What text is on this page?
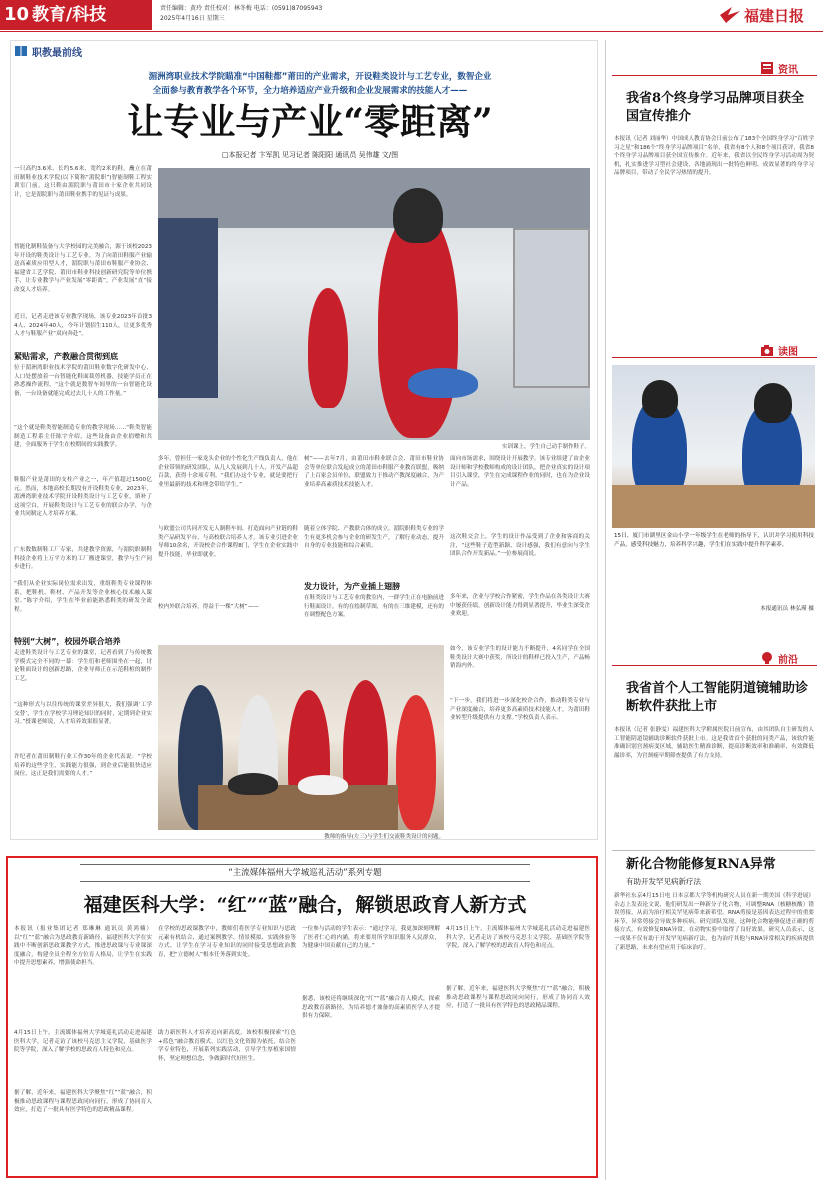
10 教育/科技	责任编辑：黄玲 责任校对：林冬梅 电话：(0591)87095943
2025年4月16日 星期三	福建日报
职教最前线
湄洲湾职业技术学院瞄准“中国鞋都”莆田的产业需求，开设鞋类设计与工艺专业，数智企业
全面参与教育教学各个环节，全力培养适应产业升级和企业发展需求的技能人才——
让专业与产业“零距离”
□本报记者 卞军凯 见习记者 陈阳阳 通讯员 吴伟雄 文/图

一只高约3.6米、长约5.6米、宽约2米的鞋，矗立在莆田制鞋业技术学院(以下简称“湄院职”)智能制鞋工程实训室门前。这只鞋由湄院职与莆田市十家企业共同设计，它是湄院职与莆田鞋业携手的见证与成果。

智能化制鞋装备与大学校园的完美融合，源于该校2023年开设的鞋类设计与工艺专业。为了向莆田鞋服产业输送高素质应用型人才，湄院职与莆田市鞋服产业协会、福建省工艺学院、莆田市鞋业科技创新研究院等单位携手，让专业教学与产业发展“零距离”，产业发展“直”接改变人才培养。

近日，记者走进该专业教学现场，该专业2023年首批34人、2024年40人，今年计划招生110人，让更多优秀人才与鞋服产业“双向奔赴”。

紧贴需求，产教融合贯彻到底

位于湄洲湾职业技术学院的莆田鞋业数字化研发中心，人口处摆放着一台智能化鞋面裁剪机器，技能学员正在熟悉操作流程。“这个就是数智车间里的一台智能化设备，一台设备就能完成过去几十人的工作量。”

“这个就是鞋类智能制造专业的教学现场……”鞋类智能制造工程系主任陈宇介绍，这些设备由企业捐赠和共建，全面服务于学生在校期间的实践教学。

鞋服产业是莆田的支柱产业之一，年产值超过1500亿元。然而，本地高校长期没有开设鞋类专业，2023年，湄洲湾职业技术学院开设鞋类设计与工艺专业，填补了这项空白，开展鞋类设计与工艺专业的联合办学，与企业共同制定人才培养方案。

广东数数制鞋工厂专家，共建教学资源，与湄院职制鞋科技企业将上万平方米的工厂搬进课堂，教学与生产同步进行。

“我们从企业实际岗位需求出发，重组鞋类专业课程体系，把鞋机、鞋材、产品开发等企业核心技术融入课堂。”陈宇介绍，学生在毕业前能熟悉鞋类的研发全流程。

特别“大树”，校园外联合培养

走进鞋类设计与工艺专业的课堂，记者看到了与传统教学模式完全不同的一幕：学生们和老师围坐在一起，讨论鞋面设计的创新思路，企业导师正在示范鞋楦的制作工艺。

“这种形式与以往传统的课堂差异很大，我们强调‘工学交替’，学生在学校学习理论知识的同时，定期到企业实习。”授课老师说，人才培养效果很显著。

许纪者在莆田制鞋行业工作30年的企业代表说：“学校培养的这些学生，实践能力很强，到企业后能很快适应岗位，这正是我们需要的人才。”

实训课上，学生自己动手制作鞋子。

多年，曾担任一家龙头企业的个性化生产线负责人，他在企业带领的研发团队，从几人发展到几十人，开发产品超百款，获得十余项专利。“我们办这个专业，就是要把行业里最新的技术和理念带给学生。”

与欧盟公司共同开发无人制鞋车间，打造面向产业链的鞋类产品研发平台，与高校联合培养人才。该专业引进企业导师10余名，开设校企合作课程8门，学生在企业实践中提升技能，毕业即就业。

校内外联合培养，得益于一棵“大树”——

树”——去年7月，由莆田市鞋业联合会、莆田市鞋业协会等单位联合发起成立的莆田市鞋服产业教育联盟，吸纳了上百家会员单位，联盟致力于推动产教深度融合，为产业培养高素质技术技能人才。

随着立体学院、产教联合体的成立，湄院职鞋类专业的学生有更多机会参与企业的研发生产，了解行业动态，提升自身的专业技能和综合素质。

发力设计，为产业插上翅膀

在鞋类设计与工艺专业的教室内，一群学生正在电脑前进行鞋面设计，有的在绘制草图，有的在三维建模，还有的在调整配色方案。

教师的指导(左三)与学生们交流鞋类设计的问题。

面向市场需求，围绕设计开展教学。该专业组建了由企业设计师和学校教师构成的设计团队，把企业真实的设计项目引入课堂，学生在完成课程作业的同时，也在为企业设计产品。

这次鞋交会上，学生的设计作品受到了企业和客商的关注，“这些鞋子造型新颖、设计感强，我们有意向与学生团队合作开发新品。”一位参展商说。

多年来，企业与学校合作紧密，学生作品在各类设计大赛中屡获佳绩，创新设计能力得到显著提升，毕业生深受企业欢迎。

如今，该专业学生的设计能力不断提升，4名同学在全国鞋类设计大赛中获奖，所设计的鞋样已投入生产，产品畅销海内外。

“下一步，我们将进一步深化校企合作，推动鞋类专业与产业深度融合，培养更多高素质技术技能人才，为莆田鞋业转型升级提供有力支撑。”学校负责人表示。

资讯
我省8个终身学习品牌项目获全国宣传推介

本报讯（记者 刘丽华）中国成人教育协会日前公布了183个全国终身学习“百姓学习之星”和186个“终身学习品牌项目”名单，我省有8个人和8个项目获评，我省8个终身学习品牌项目获全国宣传推介。近年来，我省以全民终身学习活动周为契机，扎实推进学习型社会建设，各地涌现出一批特色鲜明、成效显著的终身学习品牌项目，带动了全民学习热情的提升。

读图

15日，厦门市湖里区金山小学一年级学生在老师的指导下，认识并学习使用科技产品，感受科技魅力，培养科学兴趣，学生们在实践中提升科学素养。

本报通讯员 林弘瑾 摄
前沿
我省首个人工智能阴道镜辅助诊断软件获批上市

本报讯（记者 张静雯）福建医科大学附属医院日前宣布，由其团队自主研发的人工智能阴道镜辅助诊断软件获批上市。这是我省首个获批的同类产品，该软件能准确识别宫颈病变区域，辅助医生精准诊断，提高诊断效率和准确率，有效降低漏诊率，为宫颈癌早期筛查提供了有力支持。

新化合物能修复RNA异常
有助开发罕见病新疗法

新华社东京4月15日电 日本京都大学等机构研究人员在新一期美国《科学进展》杂志上发表论文说，他们研发出一种新分子化合物，可调整RNA（核糖核酸）错误剪接，从而为治疗相关罕见病带来新希望。RNA剪接是基因表达过程中的重要环节，异常剪接会导致多种疾病。研究团队发现，这种化合物能够促进正确的剪接方式，有效修复RNA异常，在动物实验中取得了良好效果。研究人员表示，这一成果不仅有助于开发罕见病新疗法，也为治疗其他与RNA异常相关的疾病提供了新思路，未来有望应用于临床治疗。

“主流媒体福州大学城巡礼活动”系列专题
福建医科大学：“红”“蓝”融合，解锁思政育人新方式

本报讯（报业集团记者 郑琳琳 通讯员 黄鸿楠）以“红”“蓝”融合为思政教育新路径，福建医科大学在实践中不断创新思政课教学方式，推进思政课与专业课深度融合，构建全员全程全方位育人格局，让学生在实践中提升思想素养，增强使命担当。

4月15日上午，主流媒体福州大学城巡礼活动走进福建医科大学，记者走访了该校马克思主义学院、基础医学院等学院，深入了解学校的思政育人特色和亮点。

据了解，近年来，福建医科大学聚焦“红”“蓝”融合，积极推动思政课程与课程思政同向同行，形成了协同育人效应，打造了一批具有医学特色的思政精品课程。

在学校的思政课教学中，教师们将医学专业知识与思政元素有机结合，通过案例教学、情景模拟、实践体验等方式，让学生在学习专业知识的同时接受思想政治教育，把“立德树人”根本任务落到实处。

助力新医科人才培养迈向新高度。该校积极探索“红色+蓝色”融合教育模式，以红色文化资源为依托，结合医学专业特色，开展系列实践活动，引导学生厚植家国情怀，坚定理想信念，争做新时代好医生。

一位参与活动的学生表示：“通过学习，我更加深刻理解了医者仁心的内涵，将来要用所学知识服务人民群众，为健康中国贡献自己的力量。”

据悉，该校还将继续深化“红”“蓝”融合育人模式，探索思政教育新路径，为培养德才兼备的高素质医学人才提供有力保障。

4月15日上午，主流媒体福州大学城巡礼活动走进福建医科大学，记者走访了该校马克思主义学院、基础医学院等学院，深入了解学校的思政育人特色和亮点。

据了解，近年来，福建医科大学聚焦“红”“蓝”融合，积极推动思政课程与课程思政同向同行，形成了协同育人效应，打造了一批具有医学特色的思政精品课程。
